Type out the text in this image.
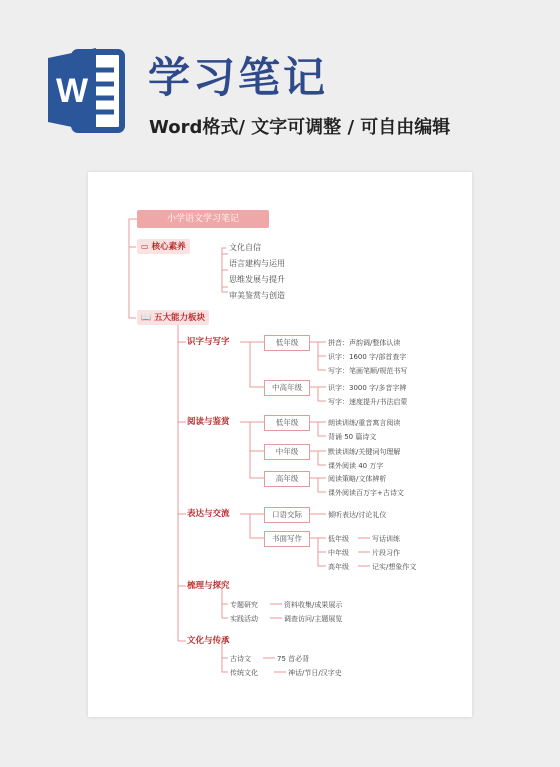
W 学习笔记
Word格式/ 文字可调整 / 可自由编辑
小学语文学习笔记
▭ 核心素养	文化自信
语言建构与运用
思维发展与提升
审美鉴赏与创造
📖 五大能力板块
识字与写字	低年级	拼音：声韵调/整体认读
识字：1600 字/部首查字
写字：笔画笔顺/规范书写
中高年级	识字：3000 字/多音字辨
写字：速度提升/书法启蒙
阅读与鉴赏	低年级	朗读训练/重音寓言阅读
背诵 50 篇诗文
中年级	默读训练/关键词句理解
课外阅读 40 万字
高年级	阅读策略/文体辨析
课外阅读百万字+古诗文
表达与交流	口语交际	倾听表达/讨论礼仪
书面写作	低年级	写话训练
中年级	片段习作
高年级	记实/想象作文
梳理与探究
专题研究	资料收集/成果展示
实践活动	调查访问/主题展览
文化与传承
古诗文	75 首必背
传统文化	神话/节日/汉字史
